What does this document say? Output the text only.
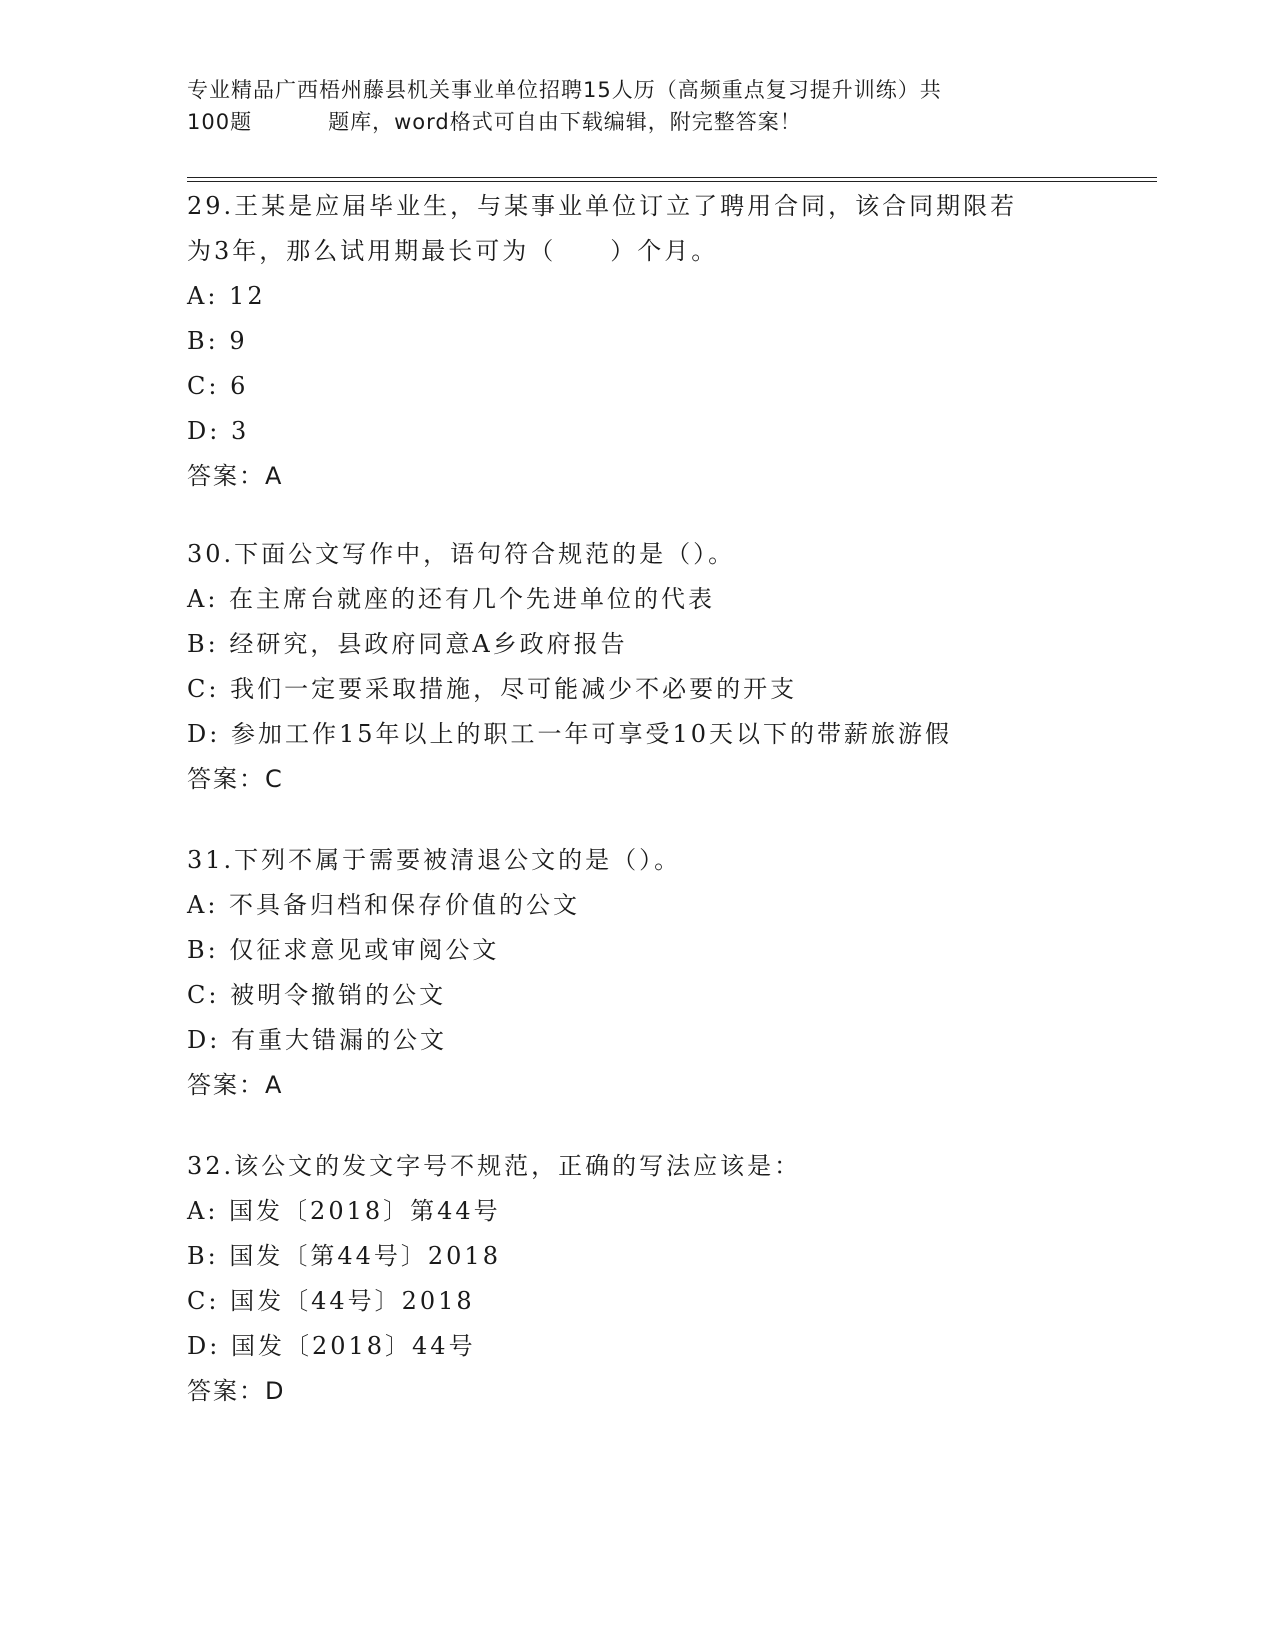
专业精品广西梧州藤县机关事业单位招聘15人历（高频重点复习提升训练）共
100题	题库，word格式可自由下载编辑，附完整答案！
29.王某是应届毕业生，与某事业单位订立了聘用合同，该合同期限若
为3年，那么试用期最长可为（　　）个月。
A: 12
B: 9
C: 6
D: 3
答案：A
30.下面公文写作中，语句符合规范的是（）。
A: 在主席台就座的还有几个先进单位的代表
B: 经研究，县政府同意A乡政府报告
C: 我们一定要采取措施，尽可能减少不必要的开支
D: 参加工作15年以上的职工一年可享受10天以下的带薪旅游假
答案：C
31.下列不属于需要被清退公文的是（）。
A: 不具备归档和保存价值的公文
B: 仅征求意见或审阅公文
C: 被明令撤销的公文
D: 有重大错漏的公文
答案：A
32.该公文的发文字号不规范，正确的写法应该是：
A: 国发〔2018〕第44号
B: 国发〔第44号〕2018
C: 国发〔44号〕2018
D: 国发〔2018〕44号
答案：D
